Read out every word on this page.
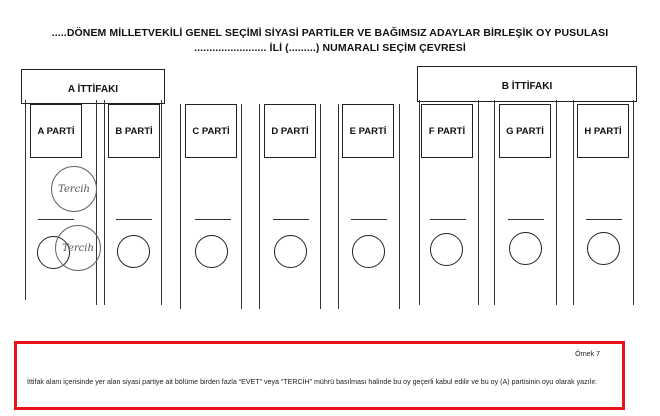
.....DÖNEM MİLLETVEKİLİ GENEL SEÇİMİ SİYASİ PARTİLER VE BAĞIMSIZ ADAYLAR BİRLEŞİK OY PUSULASI
........................ İLİ (.........) NUMARALI SEÇİM ÇEVRESİ
A İTTİFAKI	B İTTİFAKI
A PARTİ	B PARTİ	C PARTİ	D PARTİ	E PARTİ	F PARTİ	G PARTİ	H PARTİ
Tercih
Tercih
Örnek 7
İttifak alanı içerisinde yer alan siyasi partiye ait bölüme birden fazla “EVET” veya “TERCİH” mührü basılması halinde bu oy geçerli kabul edilir ve bu oy (A) partisinin oyu olarak yazılır.
